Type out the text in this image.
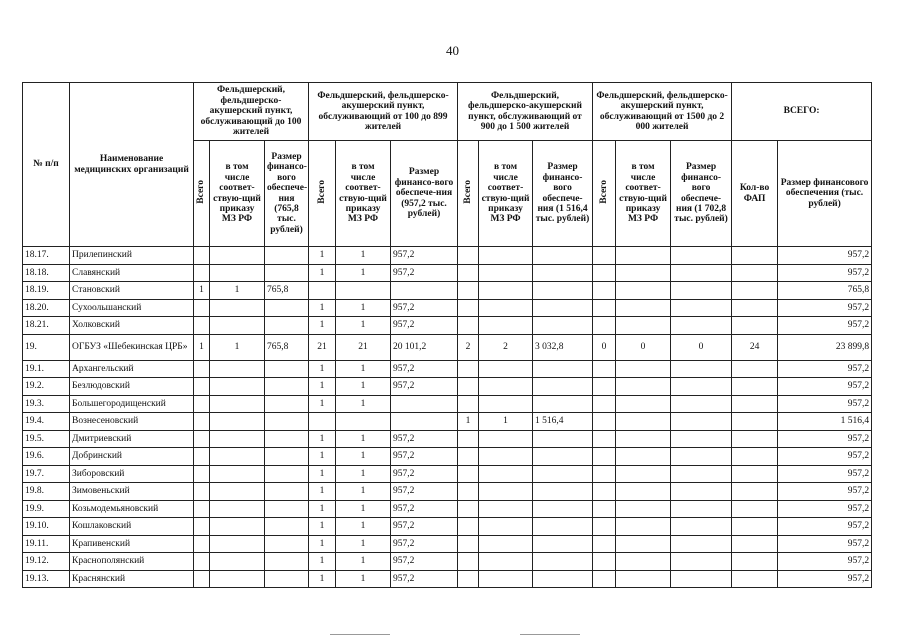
40
№ п/п	Наименование медицинских организаций	Фельдшерский, фельдшерско-акушерский пункт, обслуживающий до 100 жителей			Фельдшерский, фельдшерско-акушерский пункт, обслуживающий от 100 до 899 жителей			Фельдшерский, фельдшерско-акушерский пункт, обслуживающий от 900 до 1 500 жителей			Фельдшерский, фельдшерско-акушерский пункт, обслуживающий от 1500 до 2 000 жителей			ВСЕГО:	
		Всего	в том числе соответ-ствую-щий приказу МЗ РФ	Размер финансо-вого обеспече-ния (765,8 тыс. рублей)	Всего	в том числе соответ-ствую-щий приказу МЗ РФ	Размер финансо-вого обеспече-ния (957,2 тыс. рублей)	Всего	в том числе соответ-ствую-щий приказу МЗ РФ	Размер финансо-вого обеспече-ния (1 516,4 тыс. рублей)	Всего	в том числе соответ-ствую-щий приказу МЗ РФ	Размер финансо-вого обеспече-ния (1 702,8 тыс. рублей)	Кол-во ФАП	Размер финансового обеспечения (тыс. рублей)
18.17.	Прилепинский				1	1	957,2								957,2
18.18.	Славянский				1	1	957,2								957,2
18.19.	Становский	1	1	765,8											765,8
18.20.	Сухоольшанский				1	1	957,2								957,2
18.21.	Холковский				1	1	957,2								957,2
19.	ОГБУЗ «Шебекинская ЦРБ»	1	1	765,8	21	21	20 101,2	2	2	3 032,8	0	0	0	24	23 899,8
19.1.	Архангельский				1	1	957,2								957,2
19.2.	Безлюдовский				1	1	957,2								957,2
19.3.	Большегородищенский				1	1									957,2
19.4.	Вознесеновский							1	1	1 516,4					1 516,4
19.5.	Дмитриевский				1	1	957,2								957,2
19.6.	Добринский				1	1	957,2								957,2
19.7.	Зиборовский				1	1	957,2								957,2
19.8.	Зимовеньский				1	1	957,2								957,2
19.9.	Козьмодемьяновский				1	1	957,2								957,2
19.10.	Кошлаковский				1	1	957,2								957,2
19.11.	Крапивенский				1	1	957,2								957,2
19.12.	Краснополянский				1	1	957,2								957,2
19.13.	Краснянский				1	1	957,2								957,2
